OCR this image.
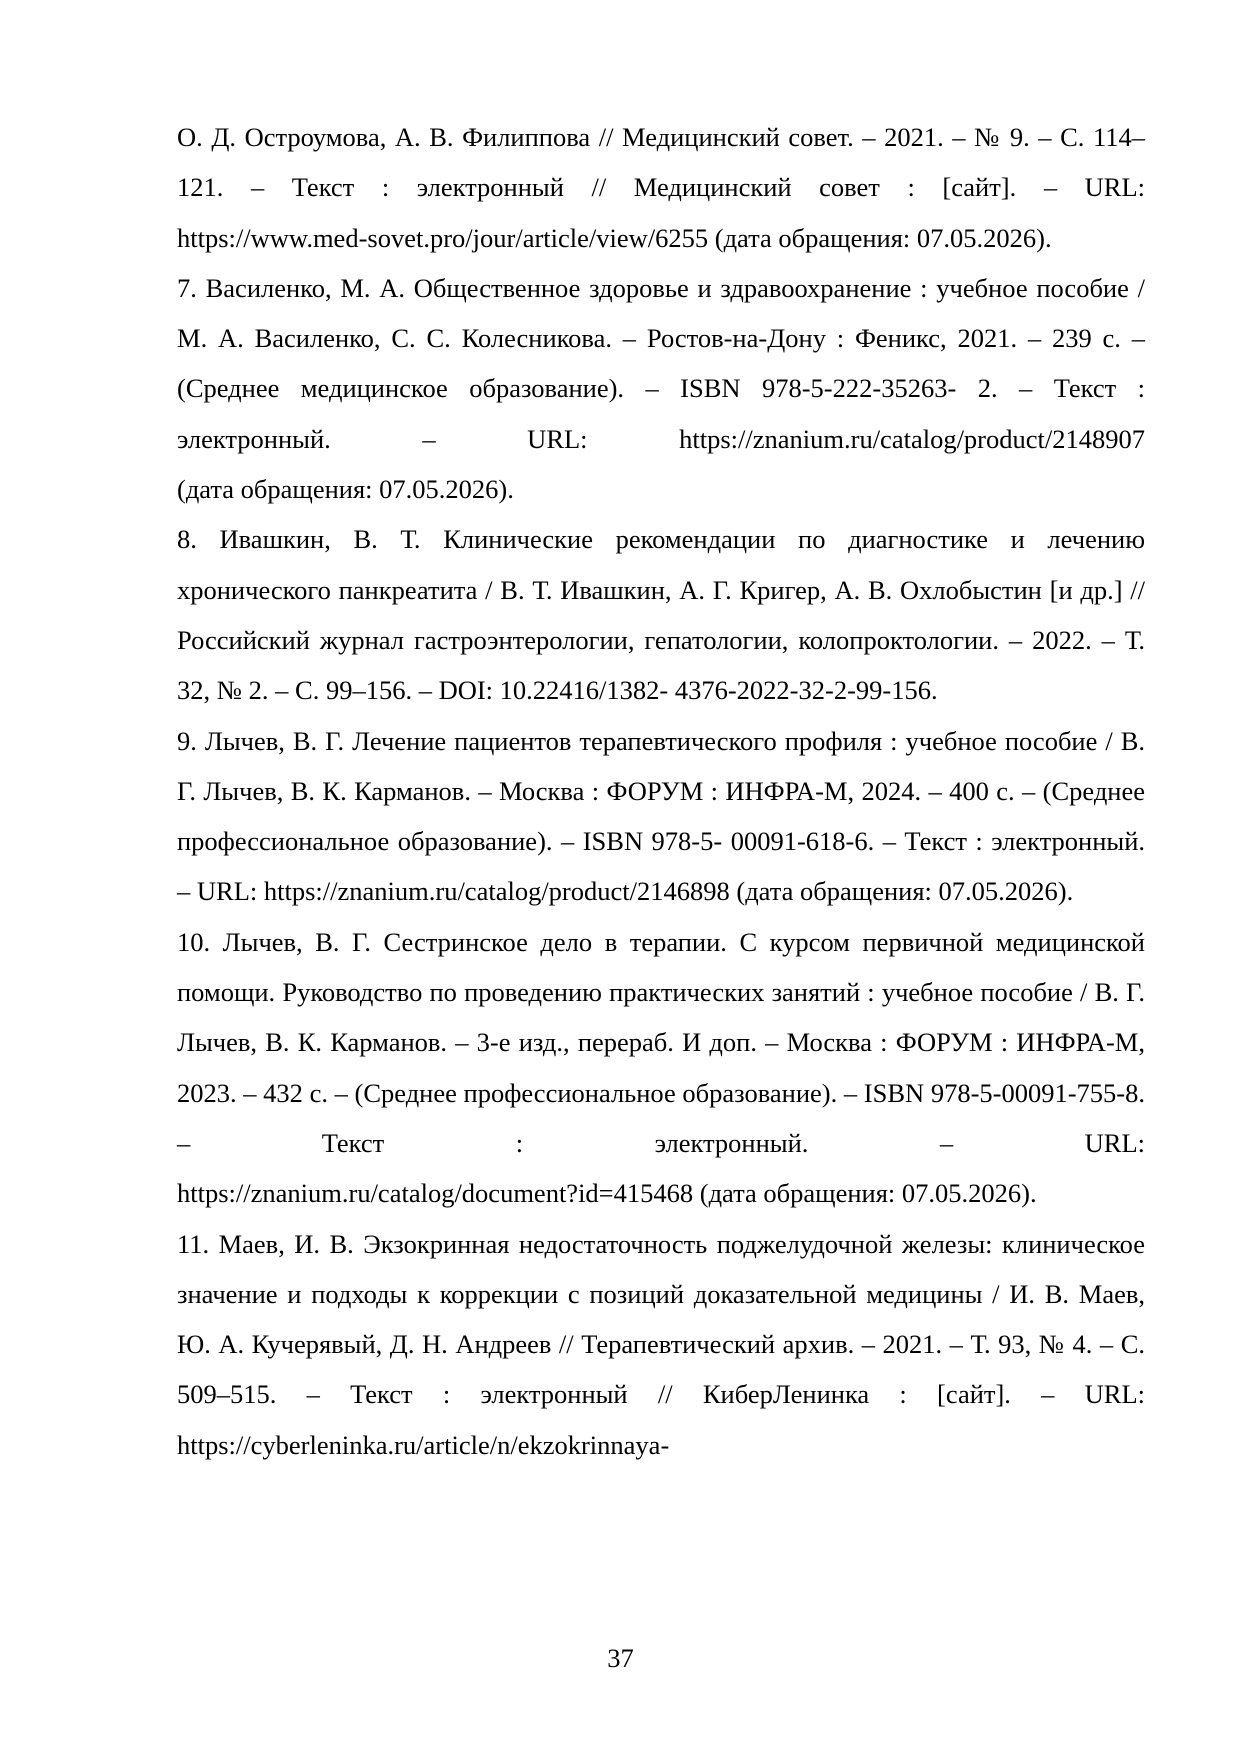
О. Д. Остроумова, А. В. Филиппова // Медицинский совет. – 2021. – № 9. – С. 114–121. – Текст : электронный // Медицинский совет : [сайт]. – URL: https://www.med-sovet.pro/jour/article/view/6255 (дата обращения: 07.05.2026).

7. Василенко, М. А. Общественное здоровье и здравоохранение : учебное пособие / М. А. Василенко, С. С. Колесникова. – Ростов-на-Дону : Феникс, 2021. – 239 с. – (Среднее медицинское образование). – ISBN 978-5-222-35263- 2. – Текст : электронный. – URL: https://znanium.ru/catalog/product/2148907 (дата обращения: 07.05.2026).

8. Ивашкин, В. Т. Клинические рекомендации по диагностике и лечению хронического панкреатита / В. Т. Ивашкин, А. Г. Кригер, А. В. Охлобыстин [и др.] // Российский журнал гастроэнтерологии, гепатологии, колопроктологии. – 2022. – Т. 32, № 2. – С. 99–156. – DOI: 10.22416/1382- 4376-2022-32-2-99-156.

9. Лычев, В. Г. Лечение пациентов терапевтического профиля : учебное пособие / В. Г. Лычев, В. К. Карманов. – Москва : ФОРУМ : ИНФРА-М, 2024. – 400 с. – (Среднее профессиональное образование). – ISBN 978-5- 00091-618-6. – Текст : электронный. – URL: https://znanium.ru/catalog/product/2146898 (дата обращения: 07.05.2026).

10. Лычев, В. Г. Сестринское дело в терапии. С курсом первичной медицинской помощи. Руководство по проведению практических занятий : учебное пособие / В. Г. Лычев, В. К. Карманов. – 3-е изд., перераб. И доп. – Москва : ФОРУМ : ИНФРА-М, 2023. – 432 с. – (Среднее профессиональное образование). – ISBN 978-5-00091-755-8. – Текст : электронный. – URL: https://znanium.ru/catalog/document?id=415468 (дата обращения: 07.05.2026).

11. Маев, И. В. Экзокринная недостаточность поджелудочной железы: клиническое значение и подходы к коррекции с позиций доказательной медицины / И. В. Маев, Ю. А. Кучерявый, Д. Н. Андреев // Терапевтический архив. – 2021. – Т. 93, № 4. – С. 509–515. – Текст : электронный // КиберЛенинка : [сайт]. – URL: https://cyberleninka.ru/article/n/ekzokrinnaya-

37
